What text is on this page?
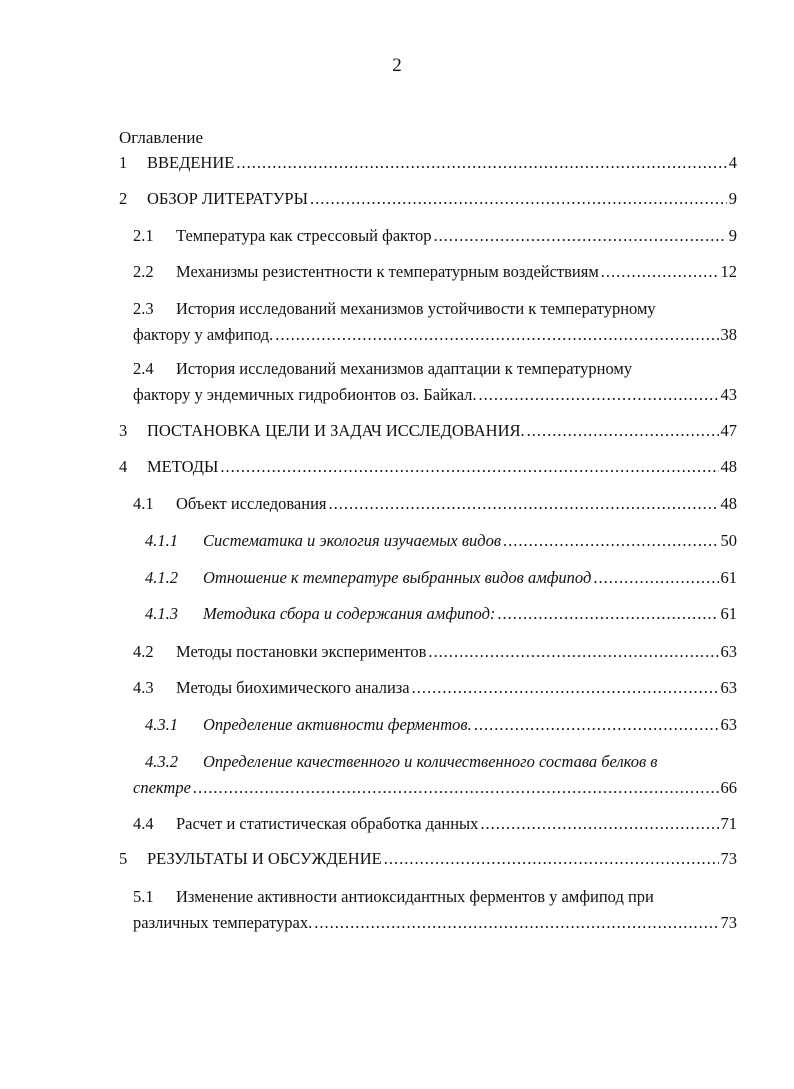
2
Оглавление
1	ВВЕДЕНИЕ .....	4
2	ОБЗОР ЛИТЕРАТУРЫ .....	9
2.1	Температура как стрессовый фактор .....	9
2.2	Механизмы резистентности к температурным воздействиям .....	12
2.3	История исследований механизмов устойчивости к температурному
фактору у амфипод. .....	38
2.4	История исследований механизмов адаптации к температурному
фактору у эндемичных гидробионтов оз. Байкал. .....	43
3	ПОСТАНОВКА ЦЕЛИ И ЗАДАЧ ИССЛЕДОВАНИЯ. .....	47
4	МЕТОДЫ .....	48
4.1	Объект исследования .....	48
4.1.1	Систематика и экология изучаемых видов .....	50
4.1.2	Отношение к температуре выбранных видов амфипод .....	61
4.1.3	Методика сбора и содержания амфипод: .....	61
4.2	Методы постановки экспериментов .....	63
4.3	Методы биохимического анализа .....	63
4.3.1	Определение активности ферментов. .....	63
4.3.2	Определение качественного и количественного состава белков в
спектре .....	66
4.4	Расчет и статистическая обработка данных .....	71
5	РЕЗУЛЬТАТЫ И ОБСУЖДЕНИЕ .....	73
5.1	Изменение активности антиоксидантных ферментов у амфипод при
различных температурах. .....	73
